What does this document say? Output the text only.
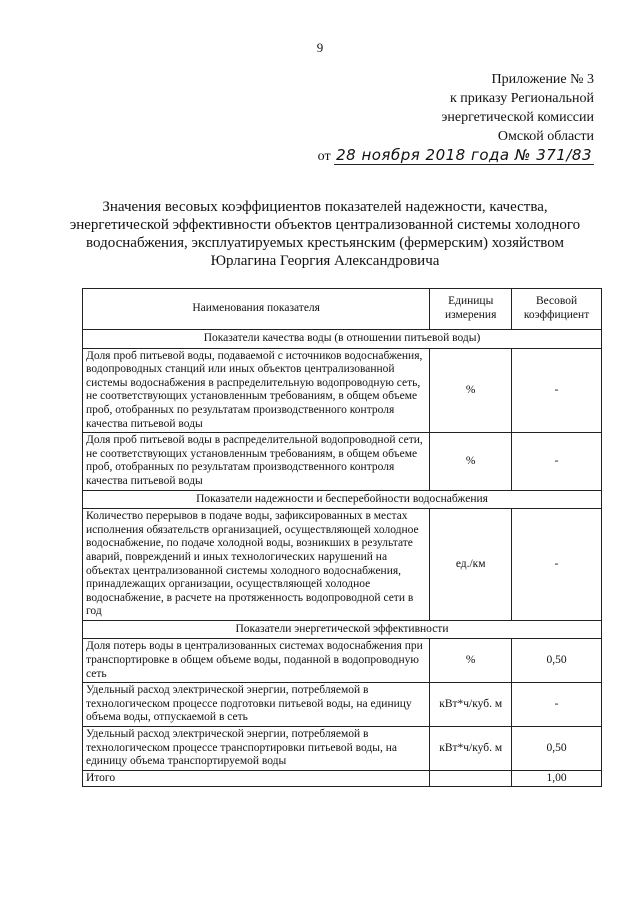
9
Приложение № 3
к приказу Региональной
энергетической комиссии
Омской области
от 28 ноября 2018 года № 371/83
Значения весовых коэффициентов показателей надежности, качества, энергетической эффективности объектов централизованной системы холодного водоснабжения, эксплуатируемых крестьянским (фермерским) хозяйством Юрлагина Георгия Александровича
Наименования показателя	Единицы измерения	Весовой коэффициент
Показатели качества воды (в отношении питьевой воды)		
Доля проб питьевой воды, подаваемой с источников водоснабжения, водопроводных станций или иных объектов централизованной системы водоснабжения в распределительную водопроводную сеть, не соответствующих установленным требованиям, в общем объеме проб, отобранных по результатам производственного контроля качества питьевой воды	%	-
Доля проб питьевой воды в распределительной водопроводной сети, не соответствующих установленным требованиям, в общем объеме проб, отобранных по результатам производственного контроля качества питьевой воды	%	-
Показатели надежности и бесперебойности водоснабжения		
Количество перерывов в подаче воды, зафиксированных в местах исполнения обязательств организацией, осуществляющей холодное водоснабжение, по подаче холодной воды, возникших в результате аварий, повреждений и иных технологических нарушений на объектах централизованной системы холодного водоснабжения, принадлежащих организации, осуществляющей холодное водоснабжение, в расчете на протяженность водопроводной сети в год	ед./км	-
Показатели энергетической эффективности		
Доля потерь воды в централизованных системах водоснабжения при транспортировке в общем объеме воды, поданной в водопроводную сеть	%	0,50
Удельный расход электрической энергии, потребляемой в технологическом процессе подготовки питьевой воды, на единицу объема воды, отпускаемой в сеть	кВт*ч/куб. м	-
Удельный расход электрической энергии, потребляемой в технологическом процессе транспортировки питьевой воды, на единицу объема транспортируемой воды	кВт*ч/куб. м	0,50
Итого		1,00
